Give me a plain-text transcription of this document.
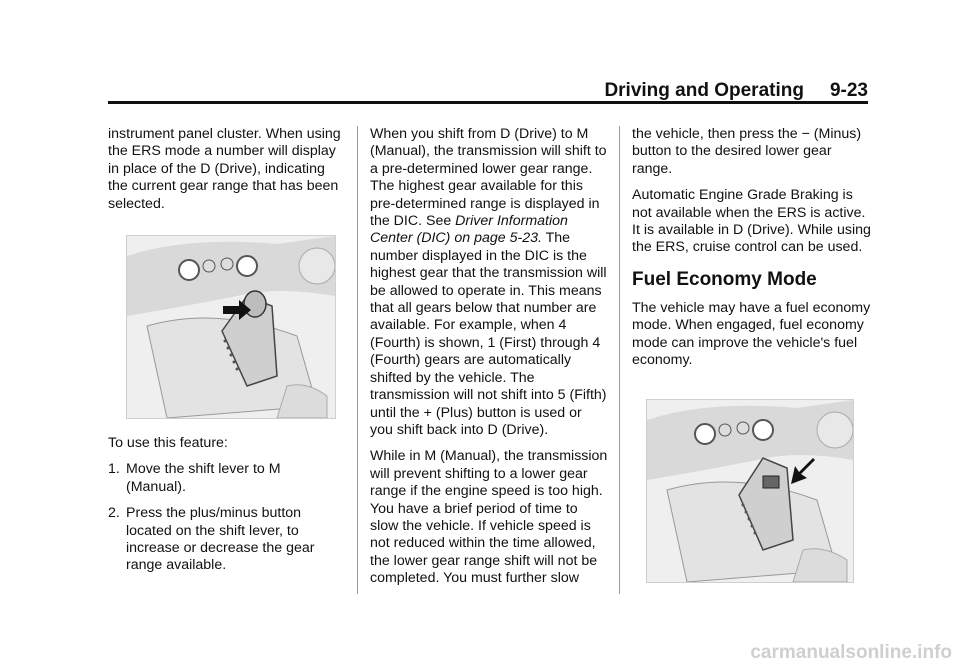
Driving and Operating 9-23

instrument panel cluster. When using the ERS mode a number will display in place of the D (Drive), indicating the current gear range that has been selected.

To use this feature:

1. Move the shift lever to M (Manual).
2. Press the plus/minus button located on the shift lever, to increase or decrease the gear range available.

When you shift from D (Drive) to M (Manual), the transmission will shift to a pre-determined lower gear range. The highest gear available for this pre-determined range is displayed in the DIC. See Driver Information Center (DIC) on page 5-23. The number displayed in the DIC is the highest gear that the transmission will be allowed to operate in. This means that all gears below that number are available. For example, when 4 (Fourth) is shown, 1 (First) through 4 (Fourth) gears are automatically shifted by the vehicle. The transmission will not shift into 5 (Fifth) until the + (Plus) button is used or you shift back into D (Drive).

While in M (Manual), the transmission will prevent shifting to a lower gear range if the engine speed is too high. You have a brief period of time to slow the vehicle. If vehicle speed is not reduced within the time allowed, the lower gear range shift will not be completed. You must further slow

the vehicle, then press the − (Minus) button to the desired lower gear range.

Automatic Engine Grade Braking is not available when the ERS is active. It is available in D (Drive). While using the ERS, cruise control can be used.

Fuel Economy Mode

The vehicle may have a fuel economy mode. When engaged, fuel economy mode can improve the vehicle's fuel economy.

carmanualsonline.info
